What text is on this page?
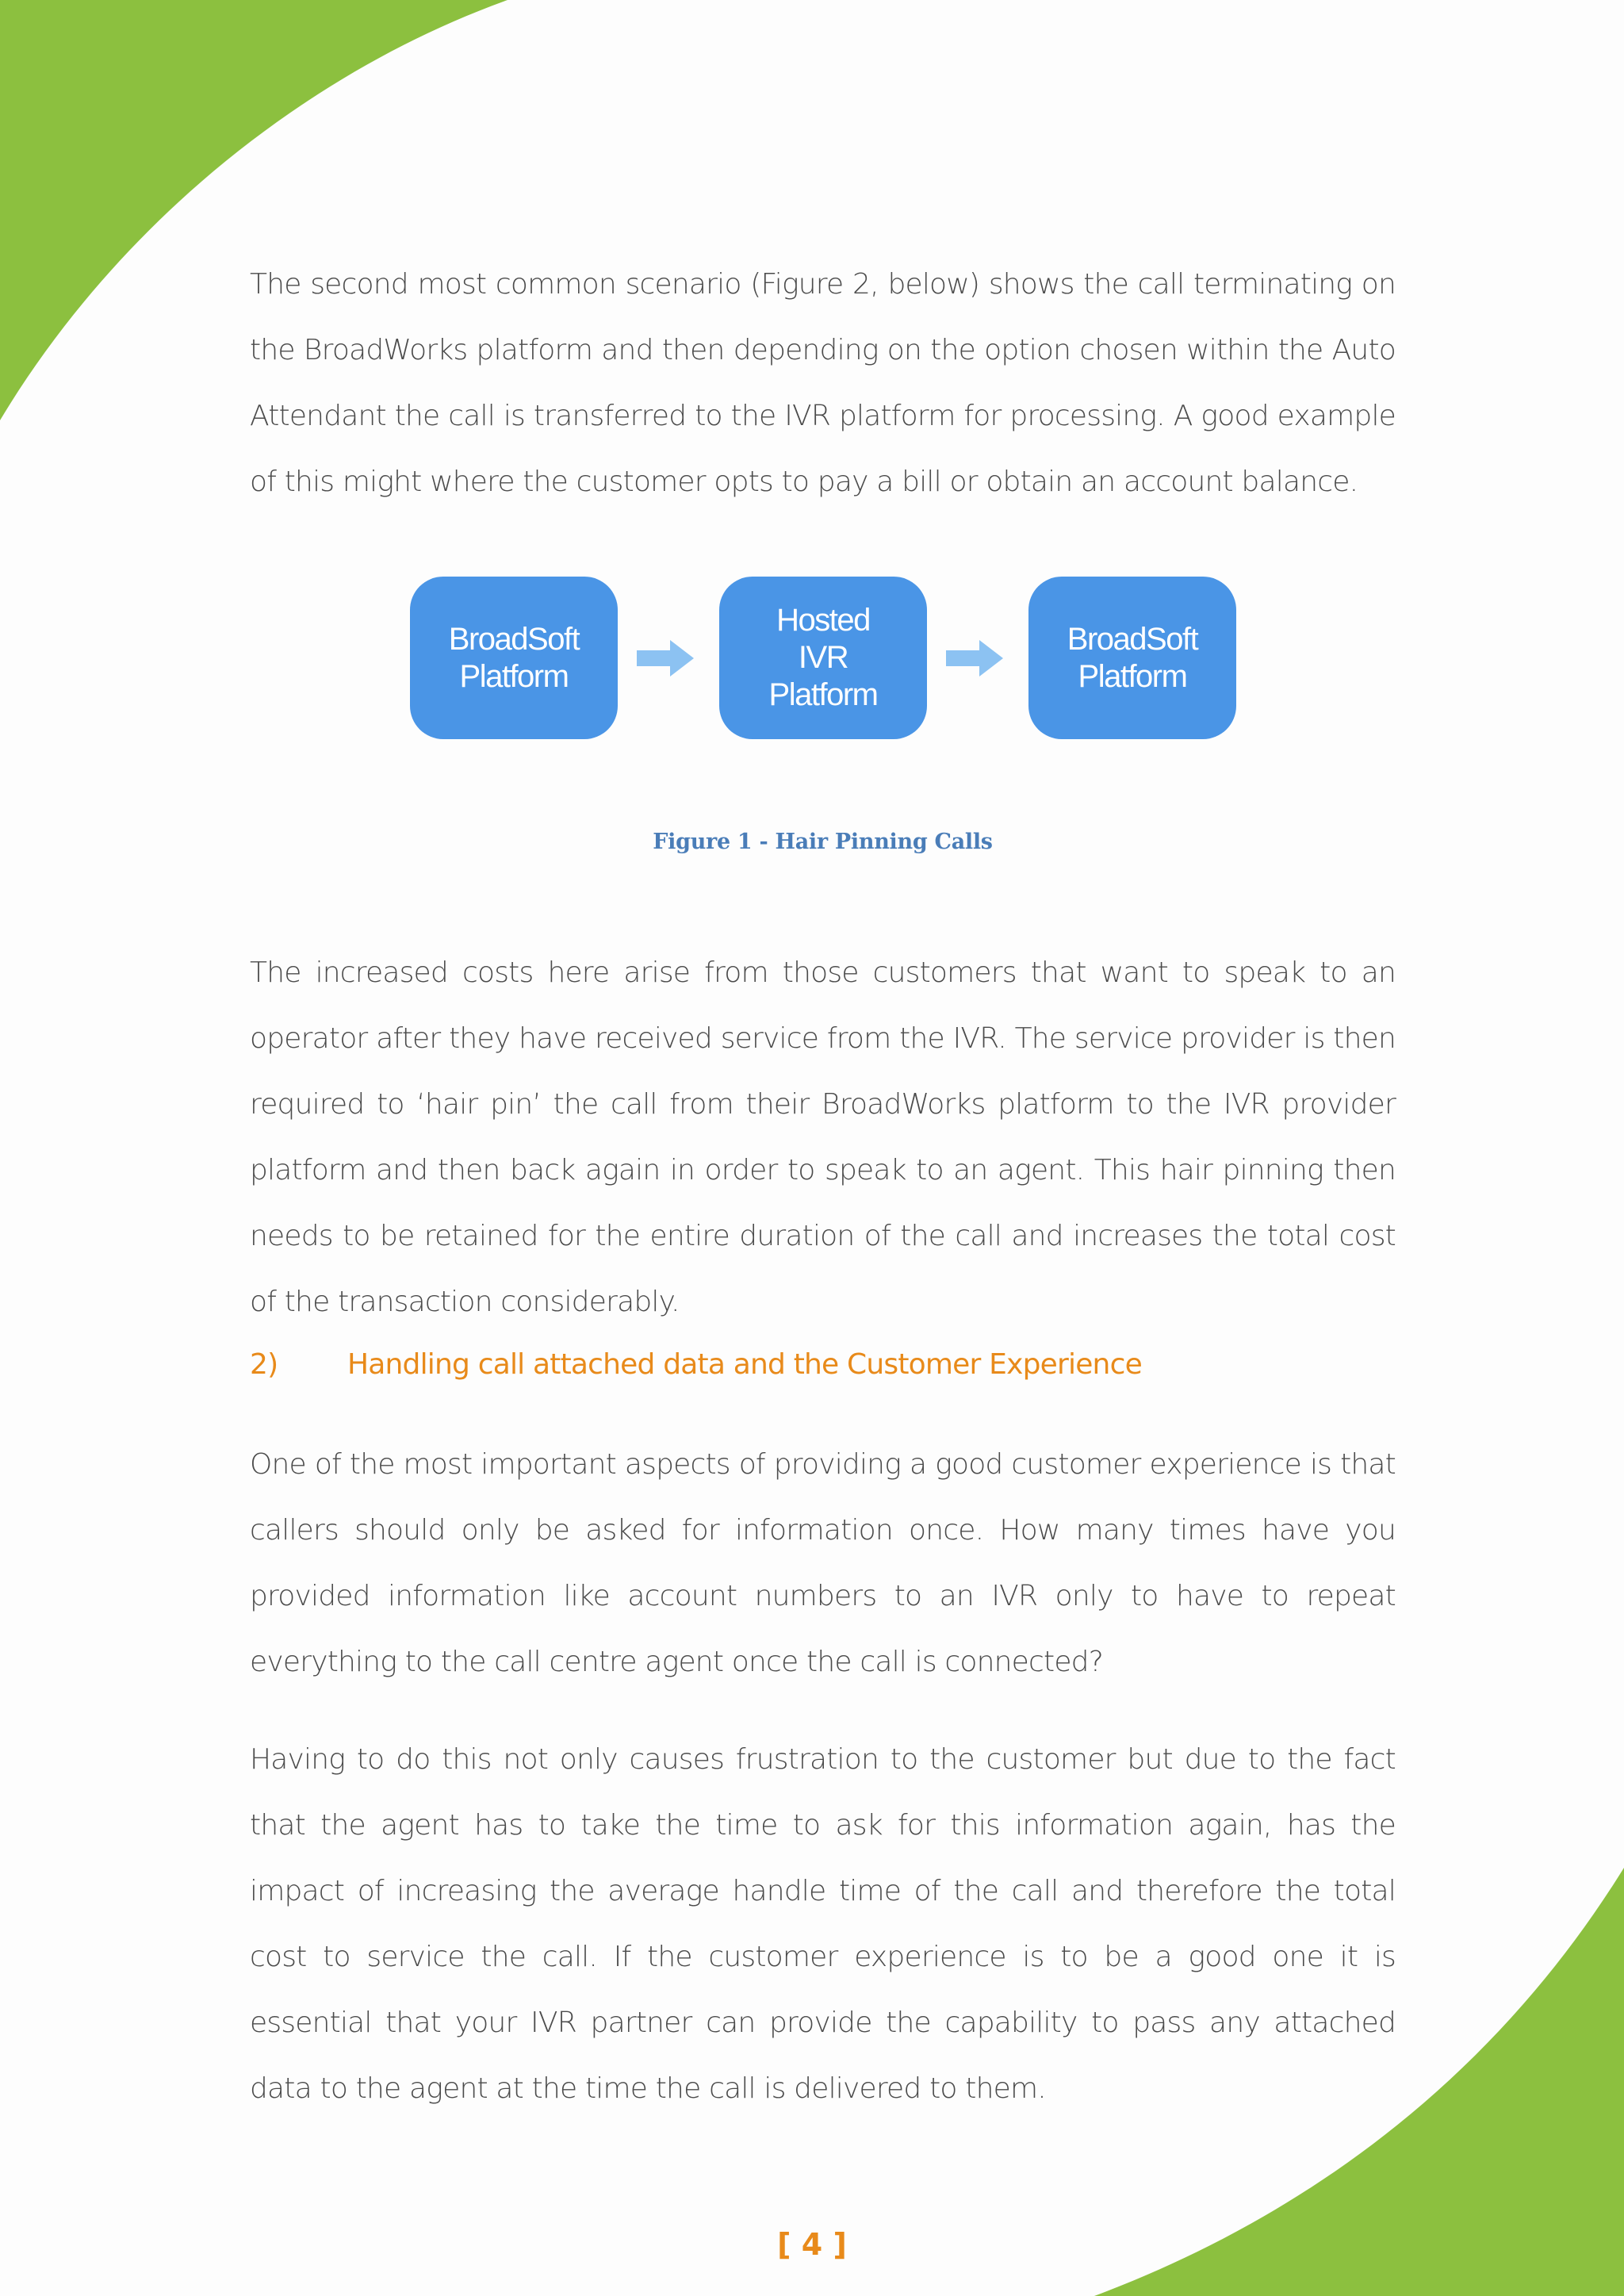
The second most common scenario (Figure 2, below) shows the call terminating on the BroadWorks platform and then depending on the option chosen within the Auto Attendant the call is transferred to the IVR platform for processing. A good example of this might where the customer opts to pay a bill or obtain an account balance.

BroadSoft
Platform
Hosted
IVR
Platform
BroadSoft
Platform
Figure 1 - Hair Pinning Calls

The increased costs here arise from those customers that want to speak to an operator after they have received service from the IVR. The service provider is then required to ‘hair pin’ the call from their BroadWorks platform to the IVR provider platform and then back again in order to speak to an agent. This hair pinning then needs to be retained for the entire duration of the call and increases the total cost of the transaction considerably.

2) Handling call attached data and the Customer Experience

One of the most important aspects of providing a good customer experience is that callers should only be asked for information once. How many times have you provided information like account numbers to an IVR only to have to repeat everything to the call centre agent once the call is connected?

Having to do this not only causes frustration to the customer but due to the fact that the agent has to take the time to ask for this information again, has the impact of increasing the average handle time of the call and therefore the total cost to service the call. If the customer experience is to be a good one it is essential that your IVR partner can provide the capability to pass any attached data to the agent at the time the call is delivered to them.

[ 4 ]
